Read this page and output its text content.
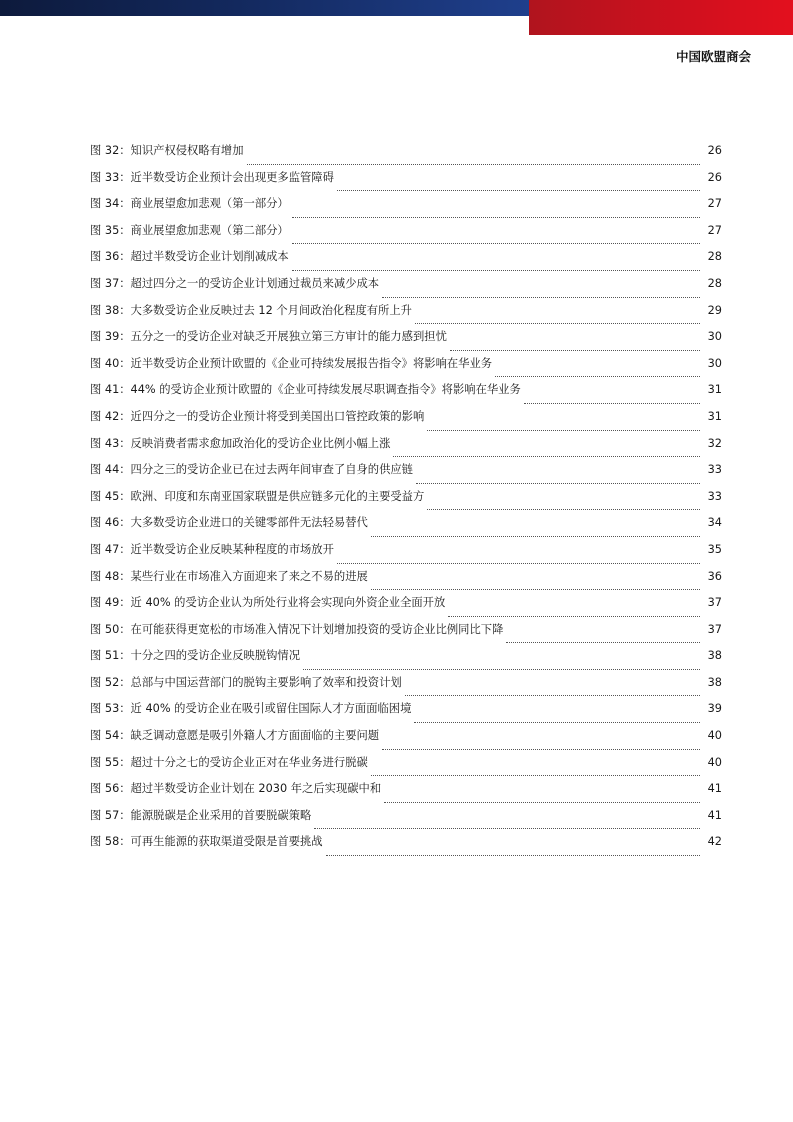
中国欧盟商会
图 32：知识产权侵权略有增加	26
图 33：近半数受访企业预计会出现更多监管障碍	26
图 34：商业展望愈加悲观（第一部分）	27
图 35：商业展望愈加悲观（第二部分）	27
图 36：超过半数受访企业计划削减成本	28
图 37：超过四分之一的受访企业计划通过裁员来减少成本	28
图 38：大多数受访企业反映过去 12 个月间政治化程度有所上升	29
图 39：五分之一的受访企业对缺乏开展独立第三方审计的能力感到担忧	30
图 40：近半数受访企业预计欧盟的《企业可持续发展报告指令》将影响在华业务	30
图 41：44% 的受访企业预计欧盟的《企业可持续发展尽职调查指令》将影响在华业务	31
图 42：近四分之一的受访企业预计将受到美国出口管控政策的影响	31
图 43：反映消费者需求愈加政治化的受访企业比例小幅上涨	32
图 44：四分之三的受访企业已在过去两年间审查了自身的供应链	33
图 45：欧洲、印度和东南亚国家联盟是供应链多元化的主要受益方	33
图 46：大多数受访企业进口的关键零部件无法轻易替代	34
图 47：近半数受访企业反映某种程度的市场放开	35
图 48：某些行业在市场准入方面迎来了来之不易的进展	36
图 49：近 40% 的受访企业认为所处行业将会实现向外资企业全面开放	37
图 50：在可能获得更宽松的市场准入情况下计划增加投资的受访企业比例同比下降	37
图 51：十分之四的受访企业反映脱钩情况	38
图 52：总部与中国运营部门的脱钩主要影响了效率和投资计划	38
图 53：近 40% 的受访企业在吸引或留住国际人才方面面临困境	39
图 54：缺乏调动意愿是吸引外籍人才方面面临的主要问题	40
图 55：超过十分之七的受访企业正对在华业务进行脱碳	40
图 56：超过半数受访企业计划在 2030 年之后实现碳中和	41
图 57：能源脱碳是企业采用的首要脱碳策略	41
图 58：可再生能源的获取渠道受限是首要挑战	42
